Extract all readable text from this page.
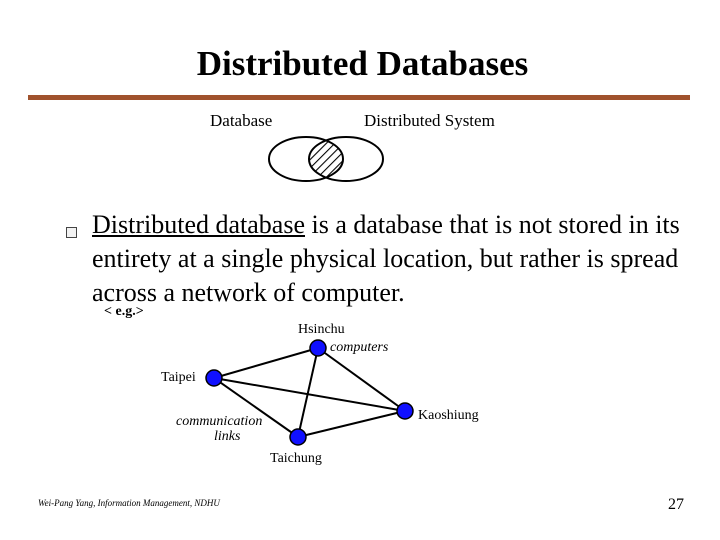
Distributed Databases
Database	Distributed System
Distributed database is a database that is not stored in its entirety at a single physical location, but rather is spread across a network of computer.
< e.g.>
Hsinchu
computers
Taipei
Kaoshiung
communication
links
Taichung
Wei-Pang Yang, Information Management, NDHU	27
